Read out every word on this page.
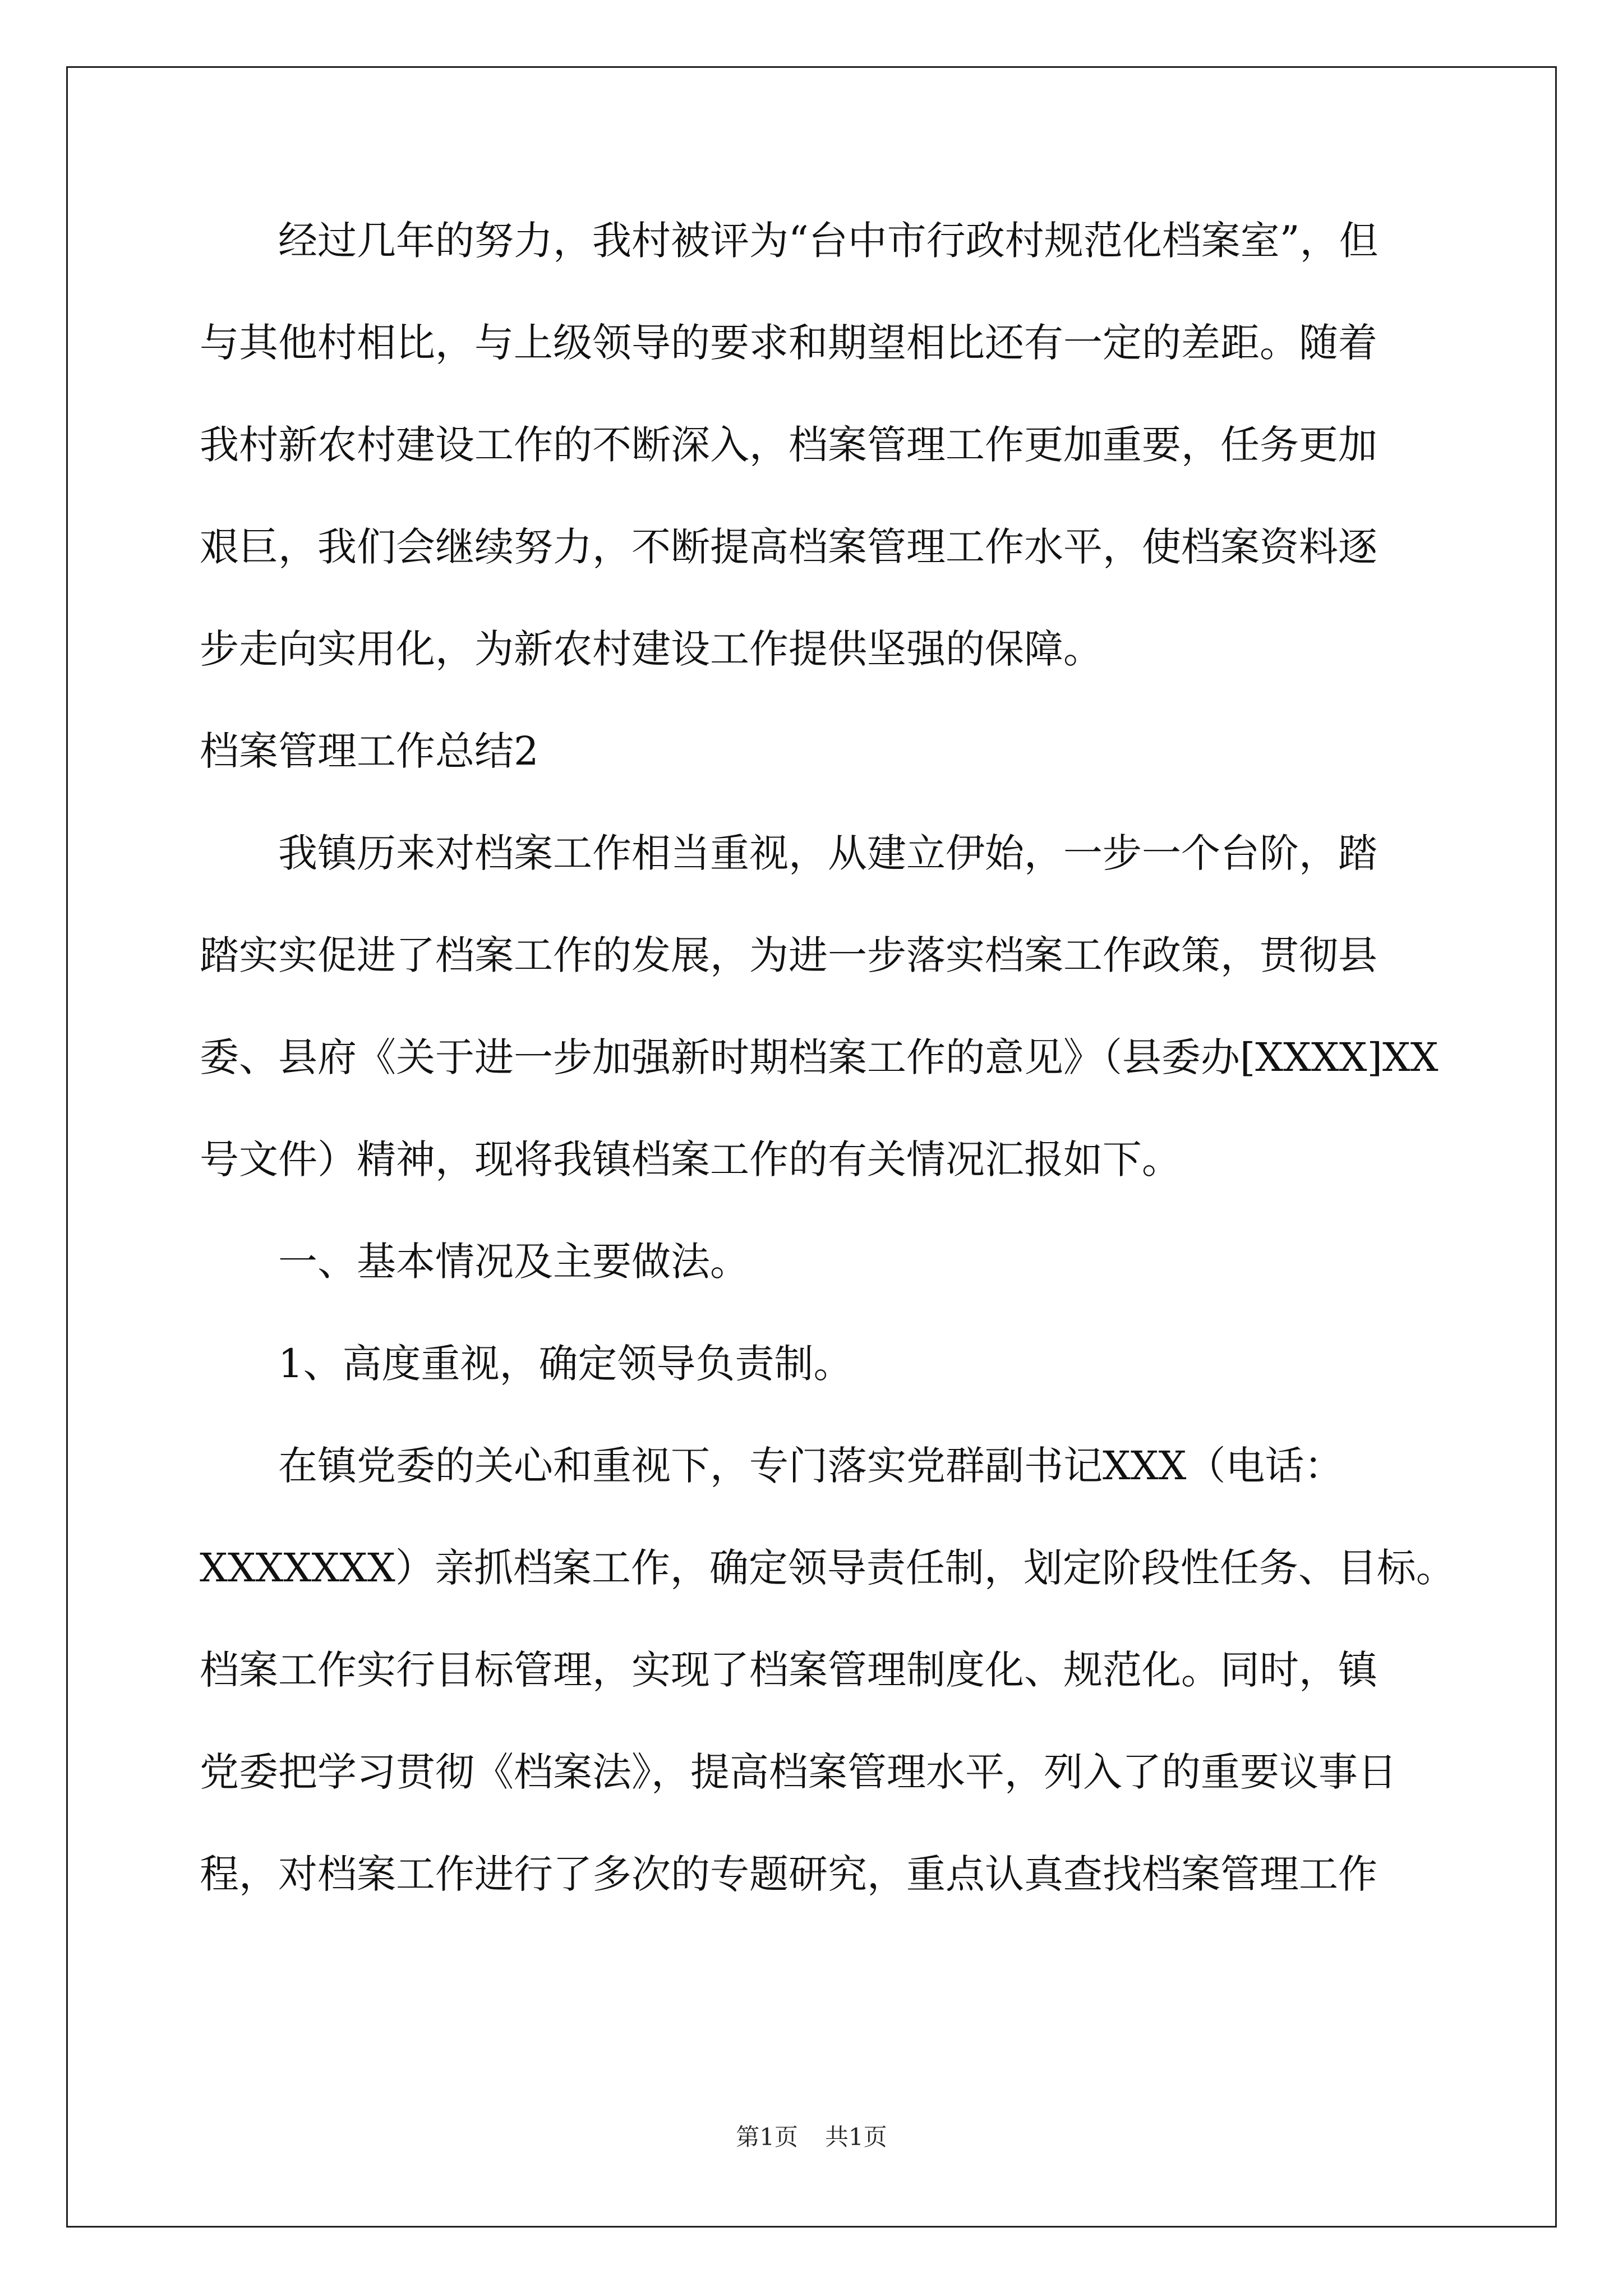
经过几年的努力，我村被评为“台中市行政村规范化档案室”，但
与其他村相比，与上级领导的要求和期望相比还有一定的差距。随着
我村新农村建设工作的不断深入，档案管理工作更加重要，任务更加
艰巨，我们会继续努力，不断提高档案管理工作水平，使档案资料逐
步走向实用化，为新农村建设工作提供坚强的保障。
档案管理工作总结2
我镇历来对档案工作相当重视，从建立伊始，一步一个台阶，踏
踏实实促进了档案工作的发展，为进一步落实档案工作政策，贯彻县
委、县府《关于进一步加强新时期档案工作的意见》（县委办[XXXX]XX
号文件）精神，现将我镇档案工作的有关情况汇报如下。
一、基本情况及主要做法。
1、高度重视，确定领导负责制。
在镇党委的关心和重视下，专门落实党群副书记XXX（电话：
XXXXXXX）亲抓档案工作，确定领导责任制，划定阶段性任务、目标。
档案工作实行目标管理，实现了档案管理制度化、规范化。同时，镇
党委把学习贯彻《档案法》，提高档案管理水平，列入了的重要议事日
程，对档案工作进行了多次的专题研究，重点认真查找档案管理工作
第1页 共1页
